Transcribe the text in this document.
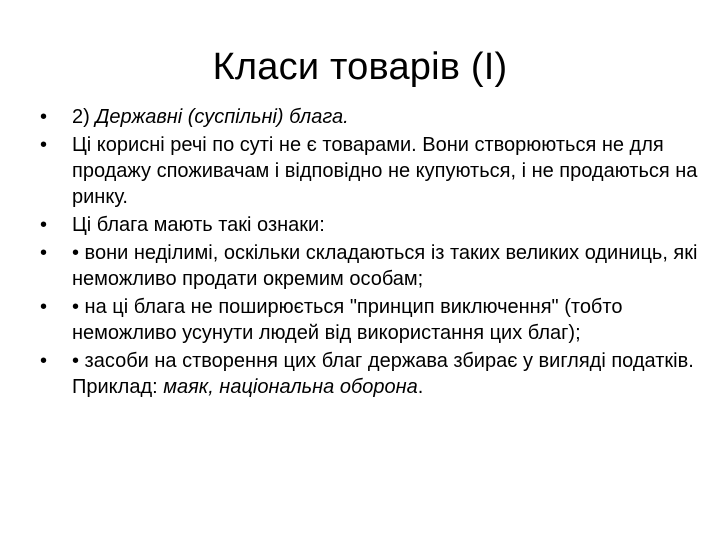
Класи товарів (І)
•	2) Державні (суспільні) блага.
•	Ці корисні речі по суті не є товарами. Вони створюються не для продажу споживачам і відповідно не купуються, і не продаються на ринку.
•	Ці блага мають такі ознаки:
•	• вони неділимі, оскільки складаються із таких великих одиниць, які неможливо продати окремим особам;
•	• на ці блага не поширюється "принцип виключення" (тобто неможливо усунути людей від використання цих благ);
•	• засоби на створення цих благ держава збирає у вигляді податків. Приклад: маяк, національна оборона.
